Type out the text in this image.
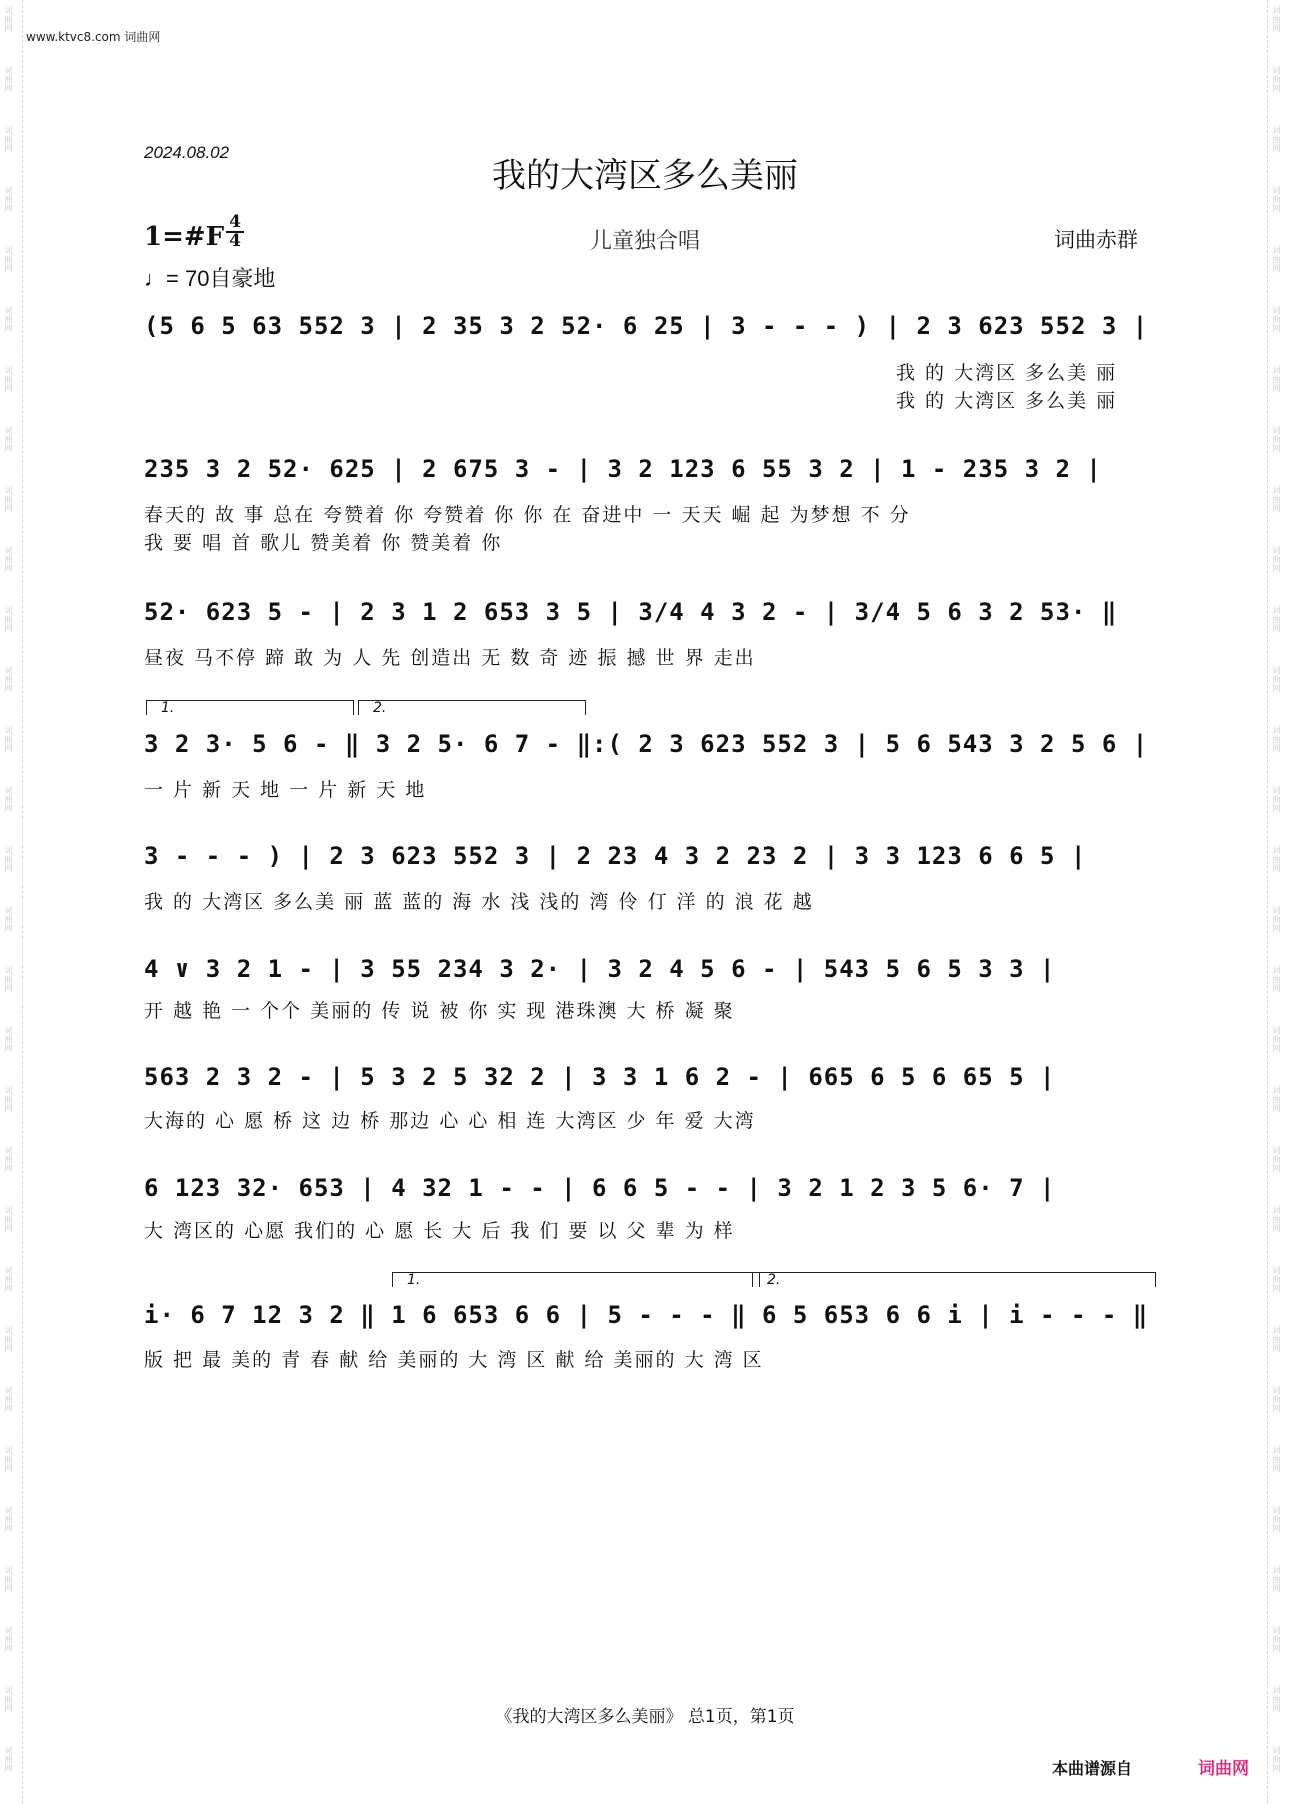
词曲网
词曲网
词曲网
词曲网
词曲网
词曲网
词曲网
词曲网
词曲网
词曲网
词曲网
词曲网
词曲网
词曲网
词曲网
词曲网
词曲网
词曲网
词曲网
词曲网
词曲网
词曲网
词曲网
词曲网
词曲网
词曲网
词曲网
词曲网
词曲网
词曲网
词曲网
词曲网
词曲网
词曲网
词曲网
词曲网
词曲网
词曲网
词曲网
词曲网
词曲网
词曲网
词曲网
词曲网
词曲网
词曲网
词曲网
词曲网
词曲网
词曲网
词曲网
词曲网
词曲网
词曲网
词曲网
词曲网
词曲网
词曲网
词曲网
词曲网
www.ktvc8.com 词曲网
2024.08.02
我的大湾区多么美丽
1=#F 4
4
♩= 70自豪地
儿童独合唱	词曲赤群
(5 6 5 63 552 3 | 2 35 3 2 52· 6 25 | 3 - - - ) | 2 3 623 552 3 |
我 的 大湾区 多么美 丽
我 的 大湾区 多么美 丽
235 3 2 52· 625 | 2 675 3 - | 3 2 123 6 55 3 2 | 1 - 235 3 2 |
春天的 故 事 总在 夸赞着 你 夸赞着 你 你 在 奋进中 一 天天 崛 起 为梦想 不 分
我 要 唱 首 歌儿 赞美着 你 赞美着 你
52· 623 5 - | 2 3 1 2 653 3 5 | 3/4 4 3 2 - | 3/4 5 6 3 2 53· ‖
昼夜 马不停 蹄 敢 为 人 先 创造出 无 数 奇 迹 振 撼 世 界 走出
1.	2.
3 2 3· 5 6 - ‖ 3 2 5· 6 7 - ‖:( 2 3 623 552 3 | 5 6 543 3 2 5 6 |
一 片 新 天 地 一 片 新 天 地
3 - - - ) | 2 3 623 552 3 | 2 23 4 3 2 23 2 | 3 3 123 6 6 5 |
我 的 大湾区 多么美 丽 蓝 蓝的 海 水 浅 浅的 湾 伶 仃 洋 的 浪 花 越
4 ∨ 3 2 1 - | 3 55 234 3 2· | 3 2 4 5 6 - | 543 5 6 5 3 3 |
开 越 艳 一 个个 美丽的 传 说 被 你 实 现 港珠澳 大 桥 凝 聚
563 2 3 2 - | 5 3 2 5 32 2 | 3 3 1 6 2 - | 665 6 5 6 65 5 |
大海的 心 愿 桥 这 边 桥 那边 心 心 相 连 大湾区 少 年 爱 大湾
6 123 32· 653 | 4 32 1 - - | 6 6 5 - - | 3 2 1 2 3 5 6· 7 |
大 湾区的 心愿 我们的 心 愿 长 大 后 我 们 要 以 父 辈 为 样
1.	2.
i· 6 7 12 3 2 ‖ 1 6 653 6 6 | 5 - - - ‖ 6 5 653 6 6 i | i - - - ‖
版 把 最 美的 青 春 献 给 美丽的 大 湾 区 献 给 美丽的 大 湾 区
《我的大湾区多么美丽》 总1页，第1页
本曲谱源自	词曲网
